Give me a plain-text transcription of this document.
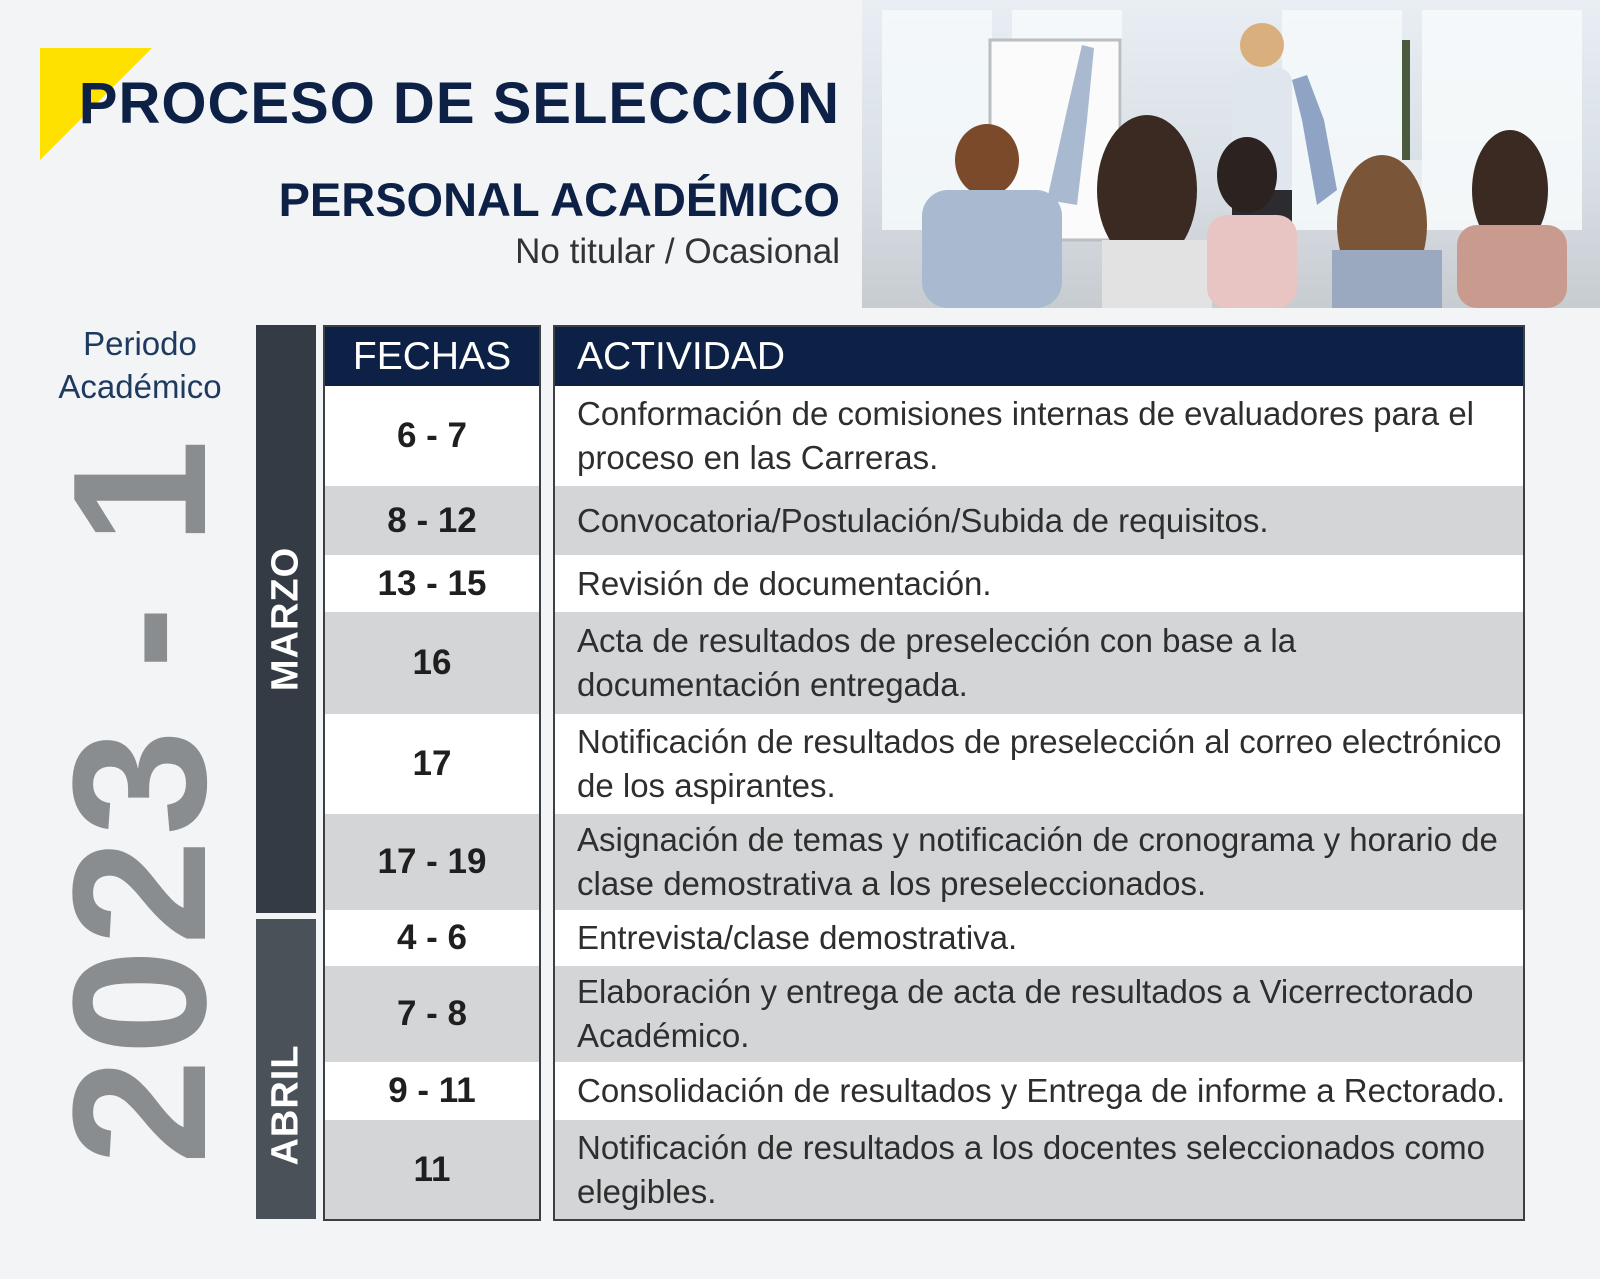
PROCESO DE SELECCIÓN
PERSONAL ACADÉMICO

No titular / Ocasional

Periodo
Académico
2023 - 1 MARZO
ABRIL
FECHAS
6 - 7
8 - 12
13 - 15
16
17
17 - 19
4 - 6
7 - 8
9 - 11
11
ACTIVIDAD
Conformación de comisiones internas de evaluadores para el proceso en las Carreras.
Convocatoria/Postulación/Subida de requisitos.
Revisión de documentación.
Acta de resultados de preselección con base a la documentación entregada.
Notificación de resultados de preselección al correo electrónico de los aspirantes.
Asignación de temas y notificación de cronograma y horario de clase demostrativa a los preseleccionados.
Entrevista/clase demostrativa.
Elaboración y entrega de acta de resultados a Vicerrectorado Académico.
Consolidación de resultados y Entrega de informe a Rectorado.
Notificación de resultados a los docentes seleccionados como elegibles.
